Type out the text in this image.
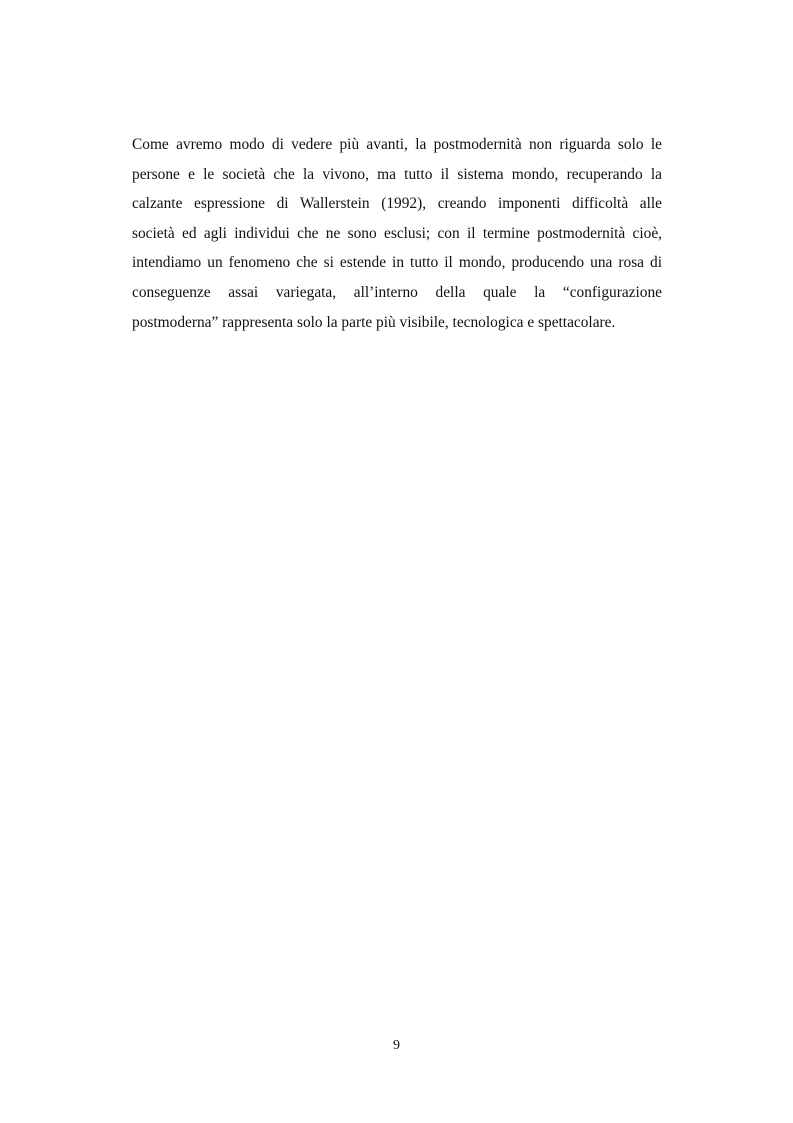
Come avremo modo di vedere più avanti, la postmodernità non riguarda solo le
persone e le società che la vivono, ma tutto il sistema mondo, recuperando la
calzante espressione di Wallerstein (1992), creando imponenti difficoltà alle
società ed agli individui che ne sono esclusi; con il termine postmodernità cioè,
intendiamo un fenomeno che si estende in tutto il mondo, producendo una rosa di
conseguenze assai variegata, all’interno della quale la “configurazione
postmoderna” rappresenta solo la parte più visibile, tecnologica e spettacolare.
9
